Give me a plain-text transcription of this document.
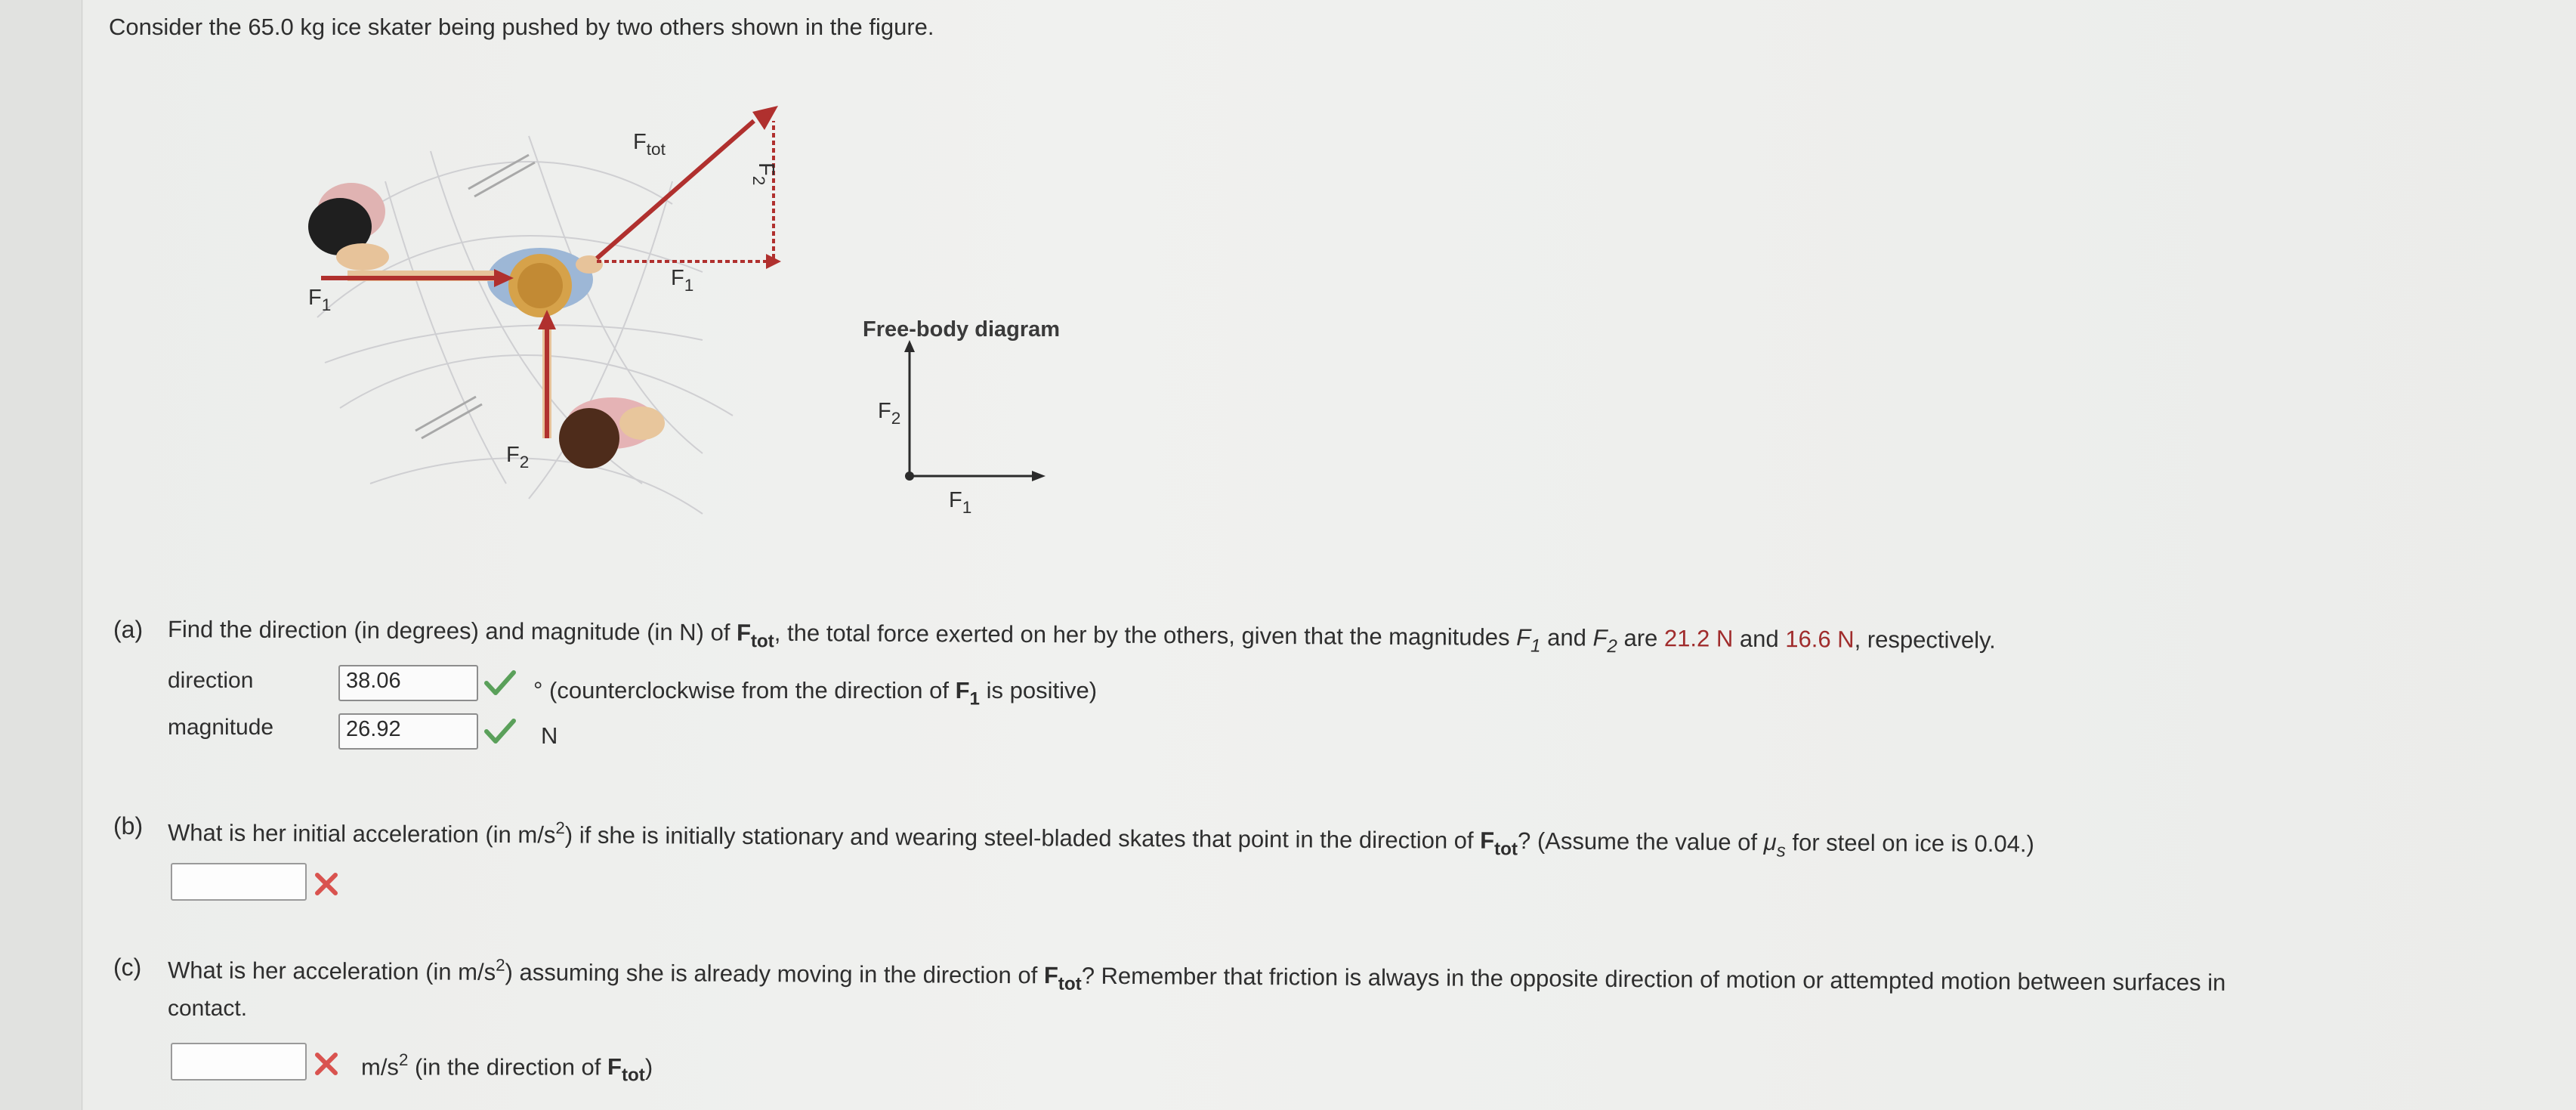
Consider the 65.0 kg ice skater being pushed by two others shown in the figure.
$F_{tot}$
$F_2$
$F_1$
$F_1$
$F_2$
Free-body diagram
$F_2$
$F_1$
(a) Find the direction (in degrees) and magnitude (in N) of $F_{tot}$, the total force exerted on her by the others, given that the magnitudes $F_1$ and $F_2$ are 21.2 N and 16.6 N, respectively.
direction	38.06	° (counterclockwise from the direction of $F_1$ is positive)
magnitude	26.92	N
(b) What is her initial acceleration (in $m/s^2$) if she is initially stationary and wearing steel-bladed skates that point in the direction of $F_{tot}$? (Assume the value of $\mu_s$ for steel on ice is 0.04.)
(c) What is her acceleration (in $m/s^2$) assuming she is already moving in the direction of $F_{tot}$? Remember that friction is always in the opposite direction of motion or attempted motion between surfaces in
contact.
$m/s^2$ (in the direction of $F_{tot}$)
